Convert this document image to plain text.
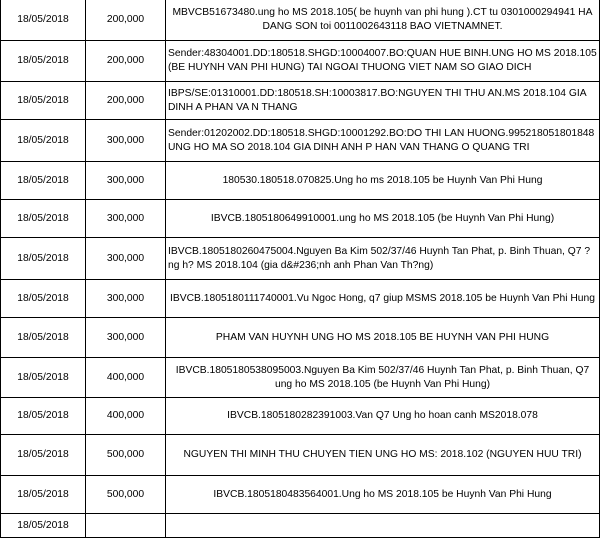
18/05/2018	200,000	MBVCB51673480.ung ho MS 2018.105( be huynh van phi hung ).CT tu 0301000294941 HA DANG SON toi 0011002643118 BAO VIETNAMNET.
18/05/2018	200,000	Sender:48304001.DD:180518.SHGD:10004007.BO:QUAN HUE BINH.UNG HO MS 2018.105 (BE HUYNH VAN PHI HUNG) TAI NGOAI THUONG VIET NAM SO GIAO DICH
18/05/2018	200,000	IBPS/SE:01310001.DD:180518.SH:10003817.BO:NGUYEN THI THU AN.MS 2018.104 GIA DINH A PHAN VA N THANG
18/05/2018	300,000	Sender:01202002.DD:180518.SHGD:10001292.BO:DO THI LAN HUONG.995218051801848 UNG HO MA SO 2018.104 GIA DINH ANH P HAN VAN THANG O QUANG TRI
18/05/2018	300,000	180530.180518.070825.Ung ho ms 2018.105 be Huynh Van Phi Hung
18/05/2018	300,000	IBVCB.1805180649910001.ung ho MS 2018.105 (be Huynh Van Phi Hung)
18/05/2018	300,000	IBVCB.1805180260475004.Nguyen Ba Kim 502/37/46 Huynh Tan Phat, p. Binh Thuan, Q7 ?ng h? MS 2018.104 (gia d&#236;nh anh Phan Van Th?ng)
18/05/2018	300,000	IBVCB.1805180111740001.Vu Ngoc Hong, q7 giup MSMS 2018.105 be Huynh Van Phi Hung
18/05/2018	300,000	PHAM VAN HUYNH UNG HO MS 2018.105 BE HUYNH VAN PHI HUNG
18/05/2018	400,000	IBVCB.1805180538095003.Nguyen Ba Kim 502/37/46 Huynh Tan Phat, p. Binh Thuan, Q7 ung ho MS 2018.105 (be Huynh Van Phi Hung)
18/05/2018	400,000	IBVCB.1805180282391003.Van Q7 Ung ho hoan canh MS2018.078
18/05/2018	500,000	NGUYEN THI MINH THU CHUYEN TIEN UNG HO MS: 2018.102 (NGUYEN HUU TRI)
18/05/2018	500,000	IBVCB.1805180483564001.Ung ho MS 2018.105 be Huynh Van Phi Hung
18/05/2018		
